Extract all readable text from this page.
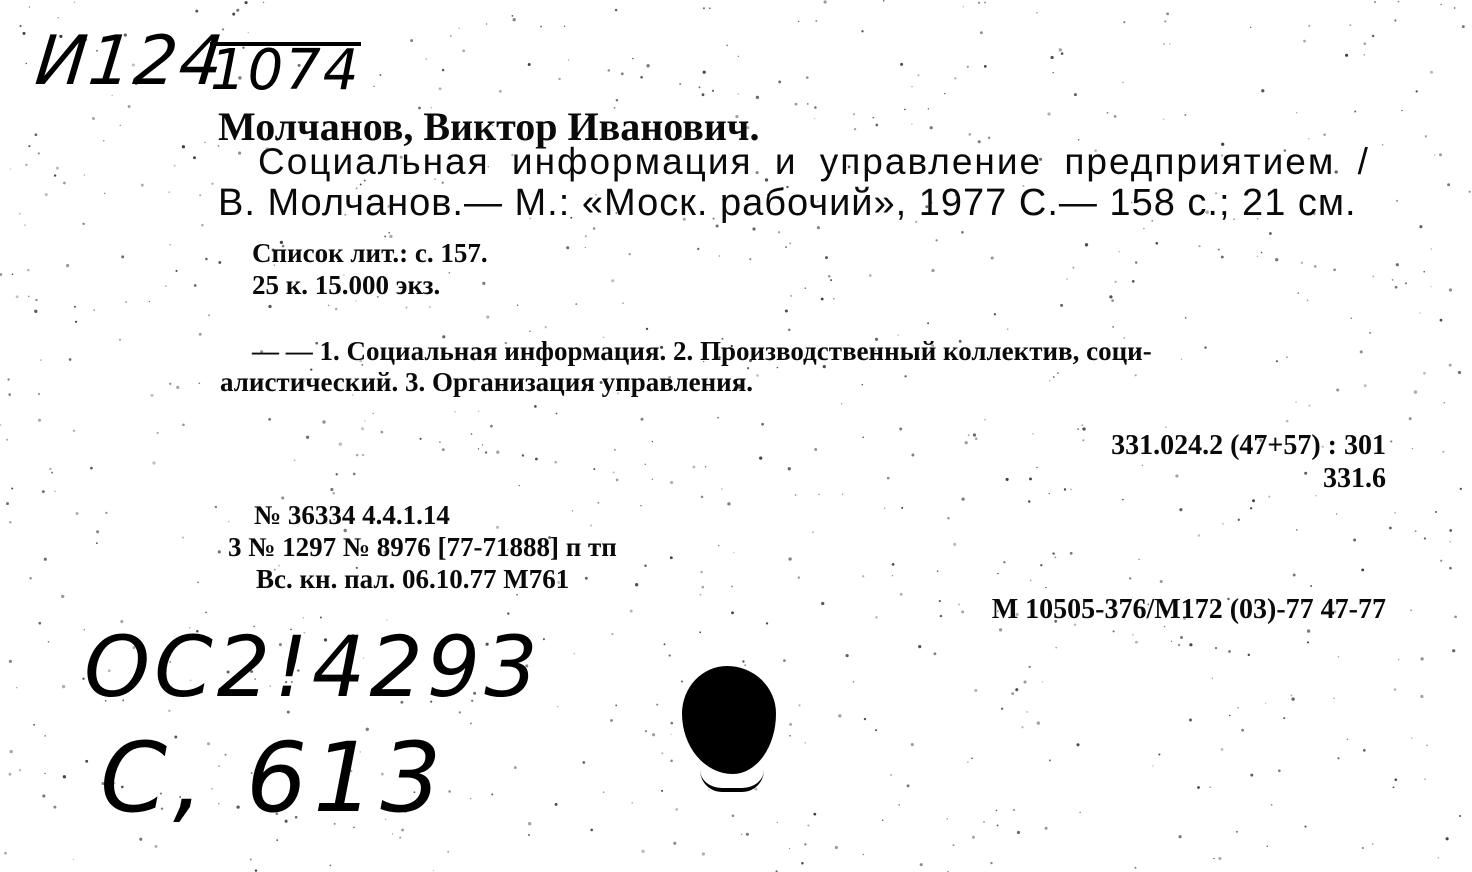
И124
1074
Молчанов, Виктор Иванович.
Социальная информация и управление предприятием /
В. Молчанов.— М.: «Моск. рабочий», 1977 С.— 158 с.; 21 см.
Список лит.: с. 157.
25 к. 15.000 экз.
— — 1. Социальная информация. 2. Производственный коллектив, соци-
алистический. 3. Организация управления.
331.024.2 (47+57) : 301
331.6
№ 36334 4.4.1.14
3 № 1297 № 8976 [77-71888] п тп
Вс. кн. пал. 06.10.77 М761
М 10505-376/М172 (03)-77 47-77
ОС2!4293
С, 613
